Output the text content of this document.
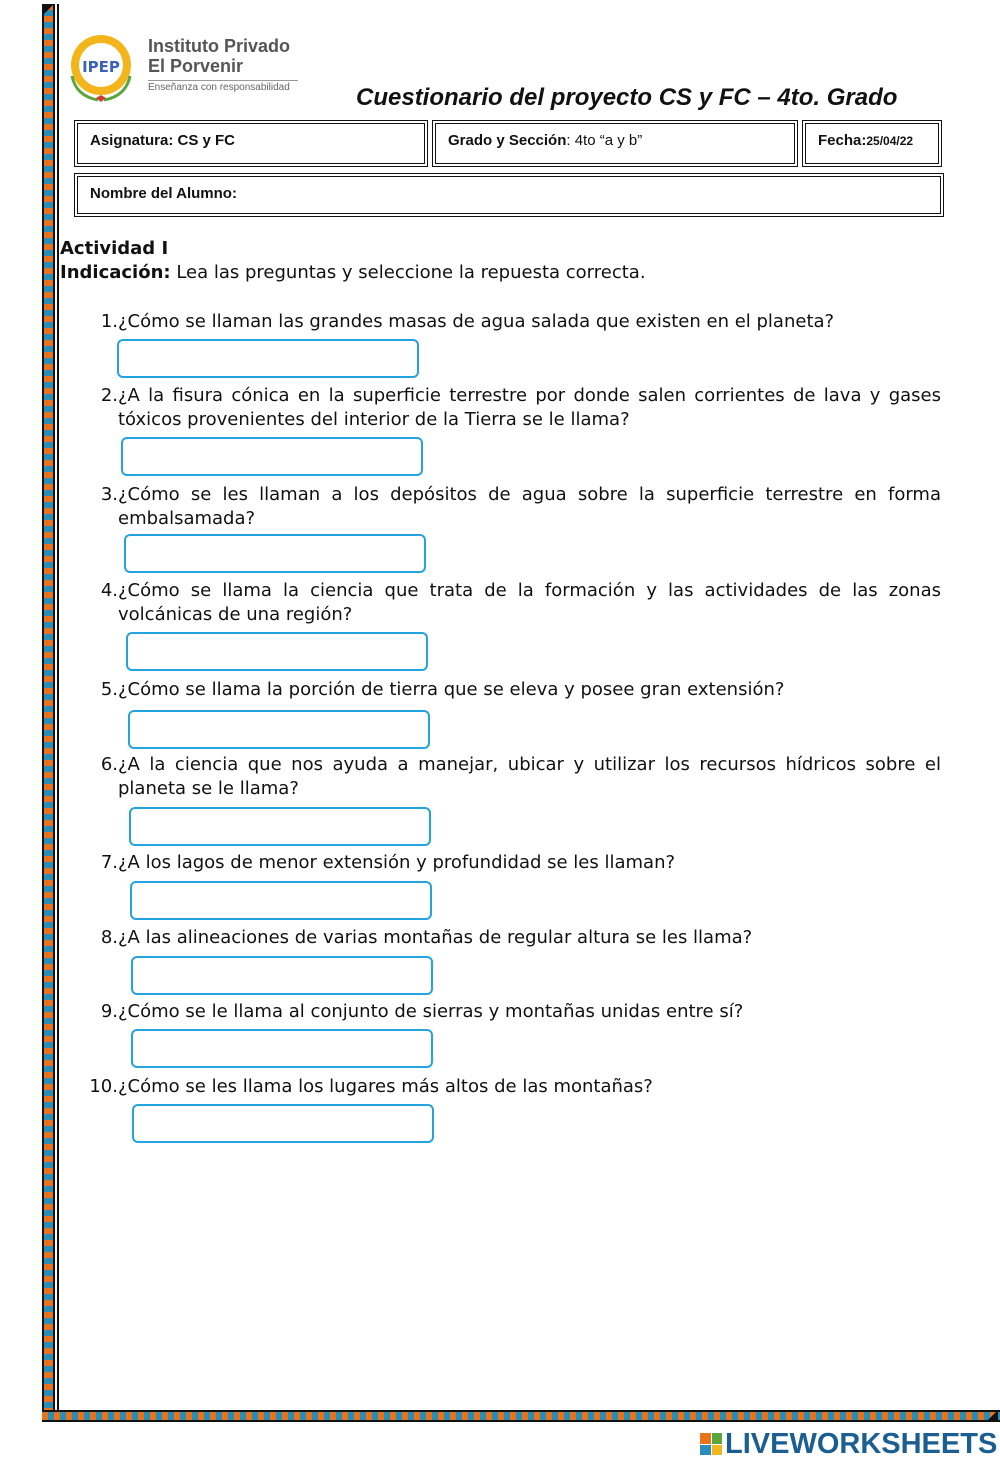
IPEP
Instituto Privado
El Porvenir
Enseñanza con responsabilidad	Cuestionario del proyecto CS y FC – 4to. Grado
Asignatura: CS y FC	Grado y Sección: 4to “a y b”	Fecha:25/04/22
Nombre del Alumno:
Actividad I
Indicación: Lea las preguntas y seleccione la repuesta correcta.
1. ¿Cómo se llaman las grandes masas de agua salada que existen en el planeta?
2. ¿A la fisura cónica en la superficie terrestre por donde salen corrientes de lava y gases tóxicos provenientes del interior de la Tierra se le llama?
3. ¿Cómo se les llaman a los depósitos de agua sobre la superficie terrestre en forma embalsamada?
4. ¿Cómo se llama la ciencia que trata de la formación y las actividades de las zonas volcánicas de una región?
5. ¿Cómo se llama la porción de tierra que se eleva y posee gran extensión?
6. ¿A la ciencia que nos ayuda a manejar, ubicar y utilizar los recursos hídricos sobre el planeta se le llama?
7. ¿A los lagos de menor extensión y profundidad se les llaman?
8. ¿A las alineaciones de varias montañas de regular altura se les llama?
9. ¿Cómo se le llama al conjunto de sierras y montañas unidas entre sí?
10. ¿Cómo se les llama los lugares más altos de las montañas?
LIVEWORKSHEETS
